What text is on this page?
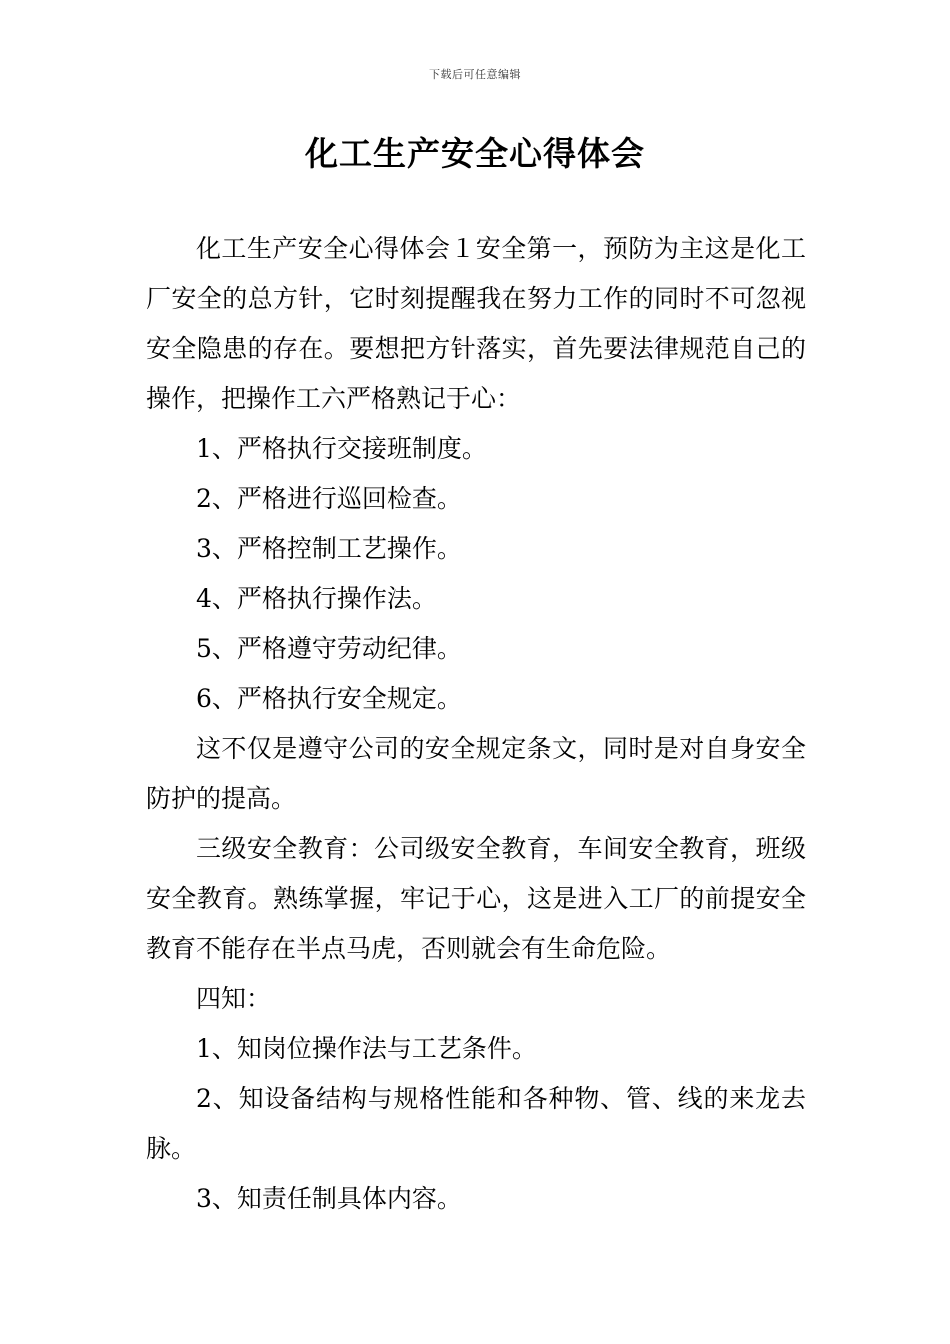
下载后可任意编辑
化工生产安全心得体会

化工生产安全心得体会１安全第一，预防为主这是化工厂安全的总方针，它时刻提醒我在努力工作的同时不可忽视安全隐患的存在。要想把方针落实，首先要法律规范自己的操作，把操作工六严格熟记于心：

1、严格执行交接班制度。

2、严格进行巡回检查。

3、严格控制工艺操作。

4、严格执行操作法。

5、严格遵守劳动纪律。

6、严格执行安全规定。

这不仅是遵守公司的安全规定条文，同时是对自身安全防护的提高。

三级安全教育：公司级安全教育，车间安全教育，班级安全教育。熟练掌握，牢记于心，这是进入工厂的前提安全教育不能存在半点马虎，否则就会有生命危险。

四知：

1、知岗位操作法与工艺条件。

2、知设备结构与规格性能和各种物、管、线的来龙去脉。

3、知责任制具体内容。
